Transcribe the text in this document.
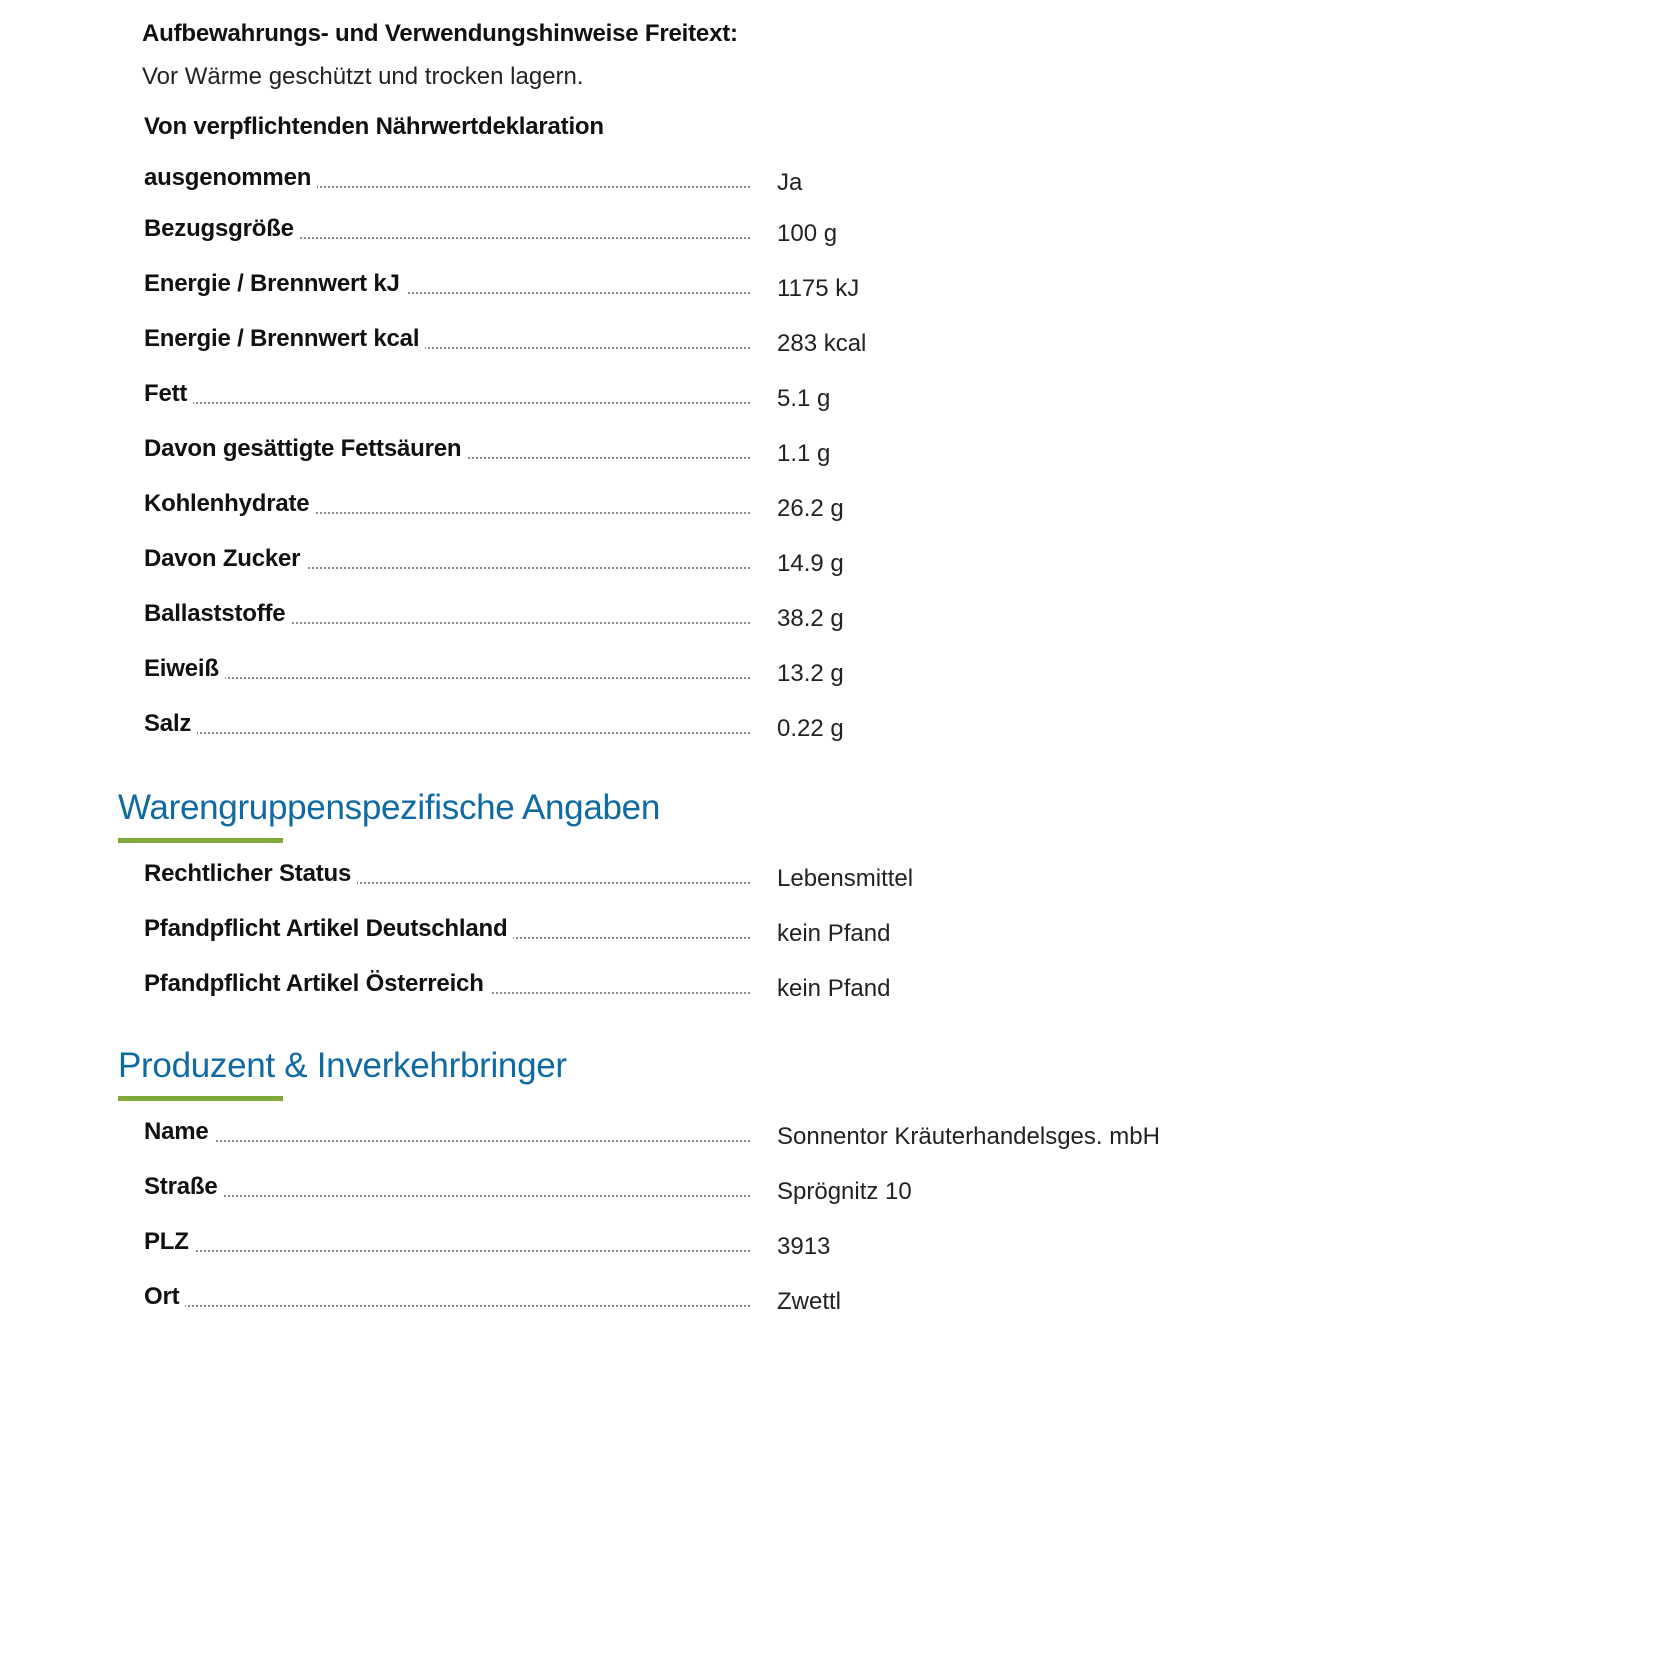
Aufbewahrungs- und Verwendungshinweise Freitext:
Vor Wärme geschützt und trocken lagern.
Von verpflichtenden Nährwertdeklaration
ausgenommen	Ja
Bezugsgröße	100 g
Energie / Brennwert kJ	1175 kJ
Energie / Brennwert kcal	283 kcal
Fett	5.1 g
Davon gesättigte Fettsäuren	1.1 g
Kohlenhydrate	26.2 g
Davon Zucker	14.9 g
Ballaststoffe	38.2 g
Eiweiß	13.2 g
Salz	0.22 g
Warengruppenspezifische Angaben
Rechtlicher Status	Lebensmittel
Pfandpflicht Artikel Deutschland	kein Pfand
Pfandpflicht Artikel Österreich	kein Pfand
Produzent & Inverkehrbringer
Name	Sonnentor Kräuterhandelsges. mbH
Straße	Sprögnitz 10
PLZ	3913
Ort	Zwettl
